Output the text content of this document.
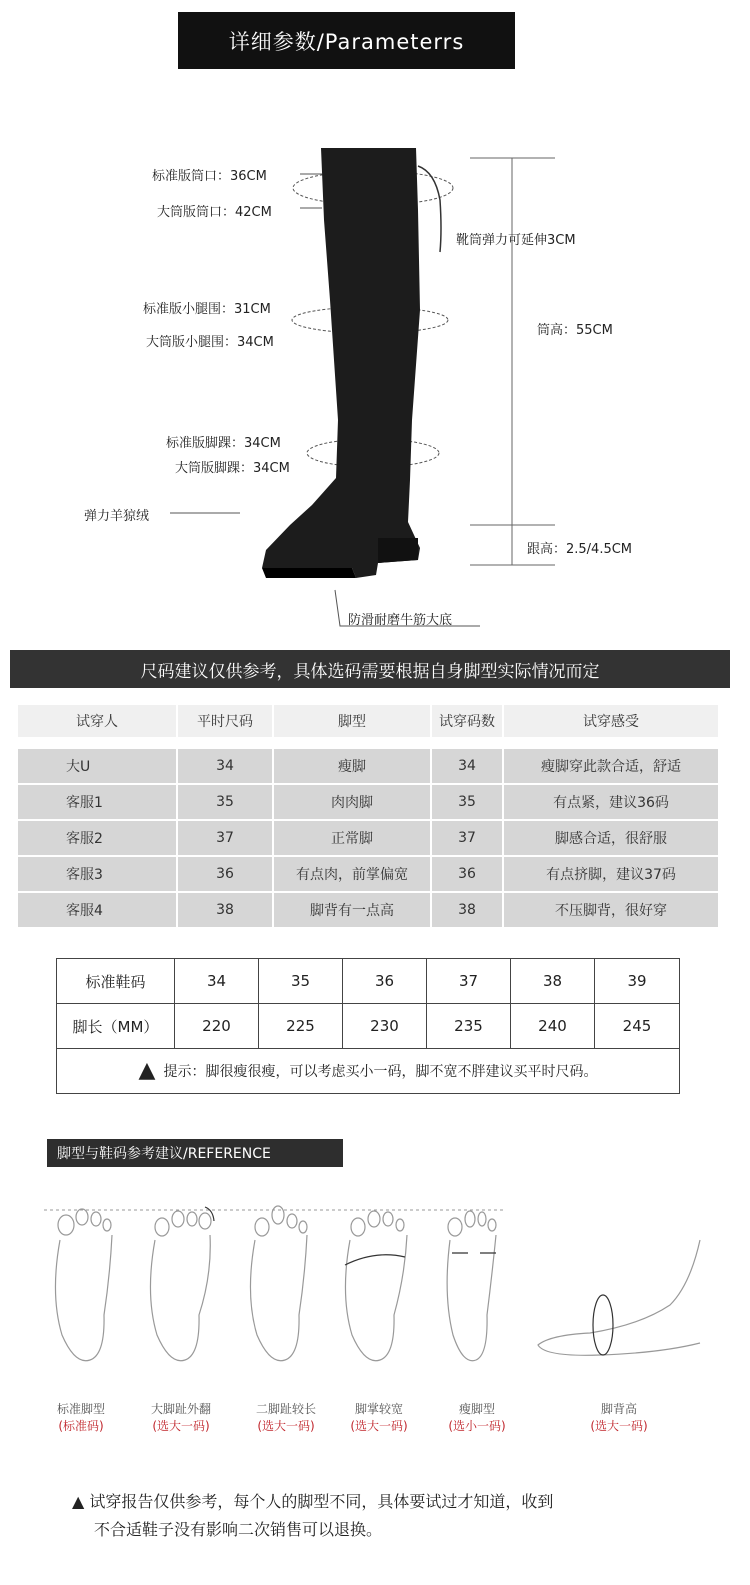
详细参数/Parameterrs
标准版筒口：36CM
大筒版筒口：42CM
靴筒弹力可延伸3CM
标准版小腿围：31CM
大筒版小腿围：34CM
筒高：55CM
标准版脚踝：34CM
大筒版脚踝：34CM
弹力羊猄绒
跟高：2.5/4.5CM
防滑耐磨牛筋大底
尺码建议仅供参考，具体选码需要根据自身脚型实际情况而定
试穿人	平时尺码	脚型	试穿码数	试穿感受
大U	34	瘦脚	34	瘦脚穿此款合适，舒适
客服1	35	肉肉脚	35	有点紧，建议36码
客服2	37	正常脚	37	脚感合适，很舒服
客服3	36	有点肉，前掌偏宽	36	有点挤脚，建议37码
客服4	38	脚背有一点高	38	不压脚背，很好穿
标准鞋码	34	35	36	37	38	39
脚长（MM）	220	225	230	235	240	245
▲ 提示：脚很瘦很瘦，可以考虑买小一码，脚不宽不胖建议买平时尺码。
脚型与鞋码参考建议/REFERENCE
标准脚型
(标准码)
大脚趾外翻
(选大一码)
二脚趾较长
(选大一码)
脚掌较宽
(选大一码)
瘦脚型
(选小一码)
脚背高
(选大一码)
▲ 试穿报告仅供参考，每个人的脚型不同，具体要试过才知道，收到
不合适鞋子没有影响二次销售可以退换。
